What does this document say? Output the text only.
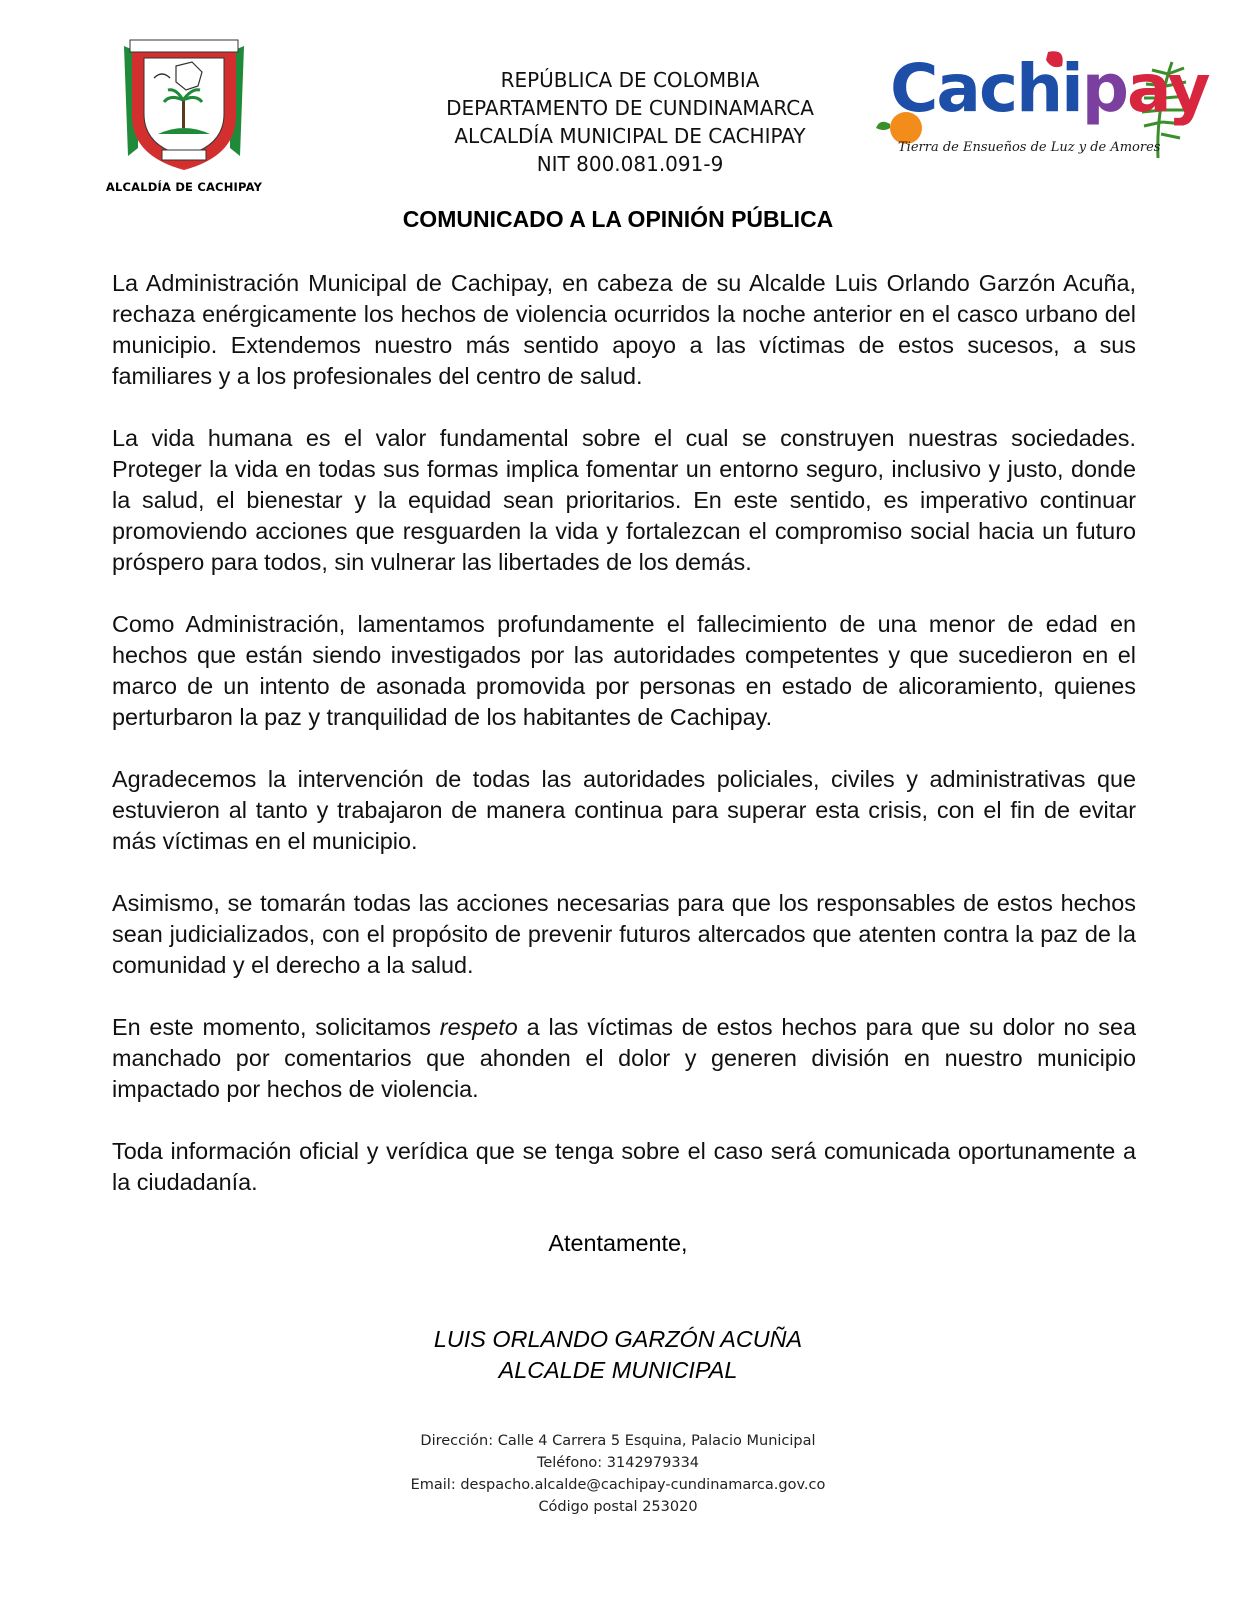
ALCALDÍA DE CACHIPAY
REPÚBLICA DE COLOMBIA
DEPARTAMENTO DE CUNDINAMARCA
ALCALDÍA MUNICIPAL DE CACHIPAY
NIT 800.081.091-9
Cachipay
Tierra de Ensueños de Luz y de Amores
COMUNICADO A LA OPINIÓN PÚBLICA

La Administración Municipal de Cachipay, en cabeza de su Alcalde Luis Orlando Garzón Acuña, rechaza enérgicamente los hechos de violencia ocurridos la noche anterior en el casco urbano del municipio. Extendemos nuestro más sentido apoyo a las víctimas de estos sucesos, a sus familiares y a los profesionales del centro de salud.

La vida humana es el valor fundamental sobre el cual se construyen nuestras sociedades. Proteger la vida en todas sus formas implica fomentar un entorno seguro, inclusivo y justo, donde la salud, el bienestar y la equidad sean prioritarios. En este sentido, es imperativo continuar promoviendo acciones que resguarden la vida y fortalezcan el compromiso social hacia un futuro próspero para todos, sin vulnerar las libertades de los demás.

Como Administración, lamentamos profundamente el fallecimiento de una menor de edad en hechos que están siendo investigados por las autoridades competentes y que sucedieron en el marco de un intento de asonada promovida por personas en estado de alicoramiento, quienes perturbaron la paz y tranquilidad de los habitantes de Cachipay.

Agradecemos la intervención de todas las autoridades policiales, civiles y administrativas que estuvieron al tanto y trabajaron de manera continua para superar esta crisis, con el fin de evitar más víctimas en el municipio.

Asimismo, se tomarán todas las acciones necesarias para que los responsables de estos hechos sean judicializados, con el propósito de prevenir futuros altercados que atenten contra la paz de la comunidad y el derecho a la salud.

En este momento, solicitamos respeto a las víctimas de estos hechos para que su dolor no sea manchado por comentarios que ahonden el dolor y generen división en nuestro municipio impactado por hechos de violencia.

Toda información oficial y verídica que se tenga sobre el caso será comunicada oportunamente a la ciudadanía.

Atentamente,
LUIS ORLANDO GARZÓN ACUÑA
ALCALDE MUNICIPAL
Dirección: Calle 4 Carrera 5 Esquina, Palacio Municipal
Teléfono: 3142979334
Email: despacho.alcalde@cachipay-cundinamarca.gov.co
Código postal 253020
